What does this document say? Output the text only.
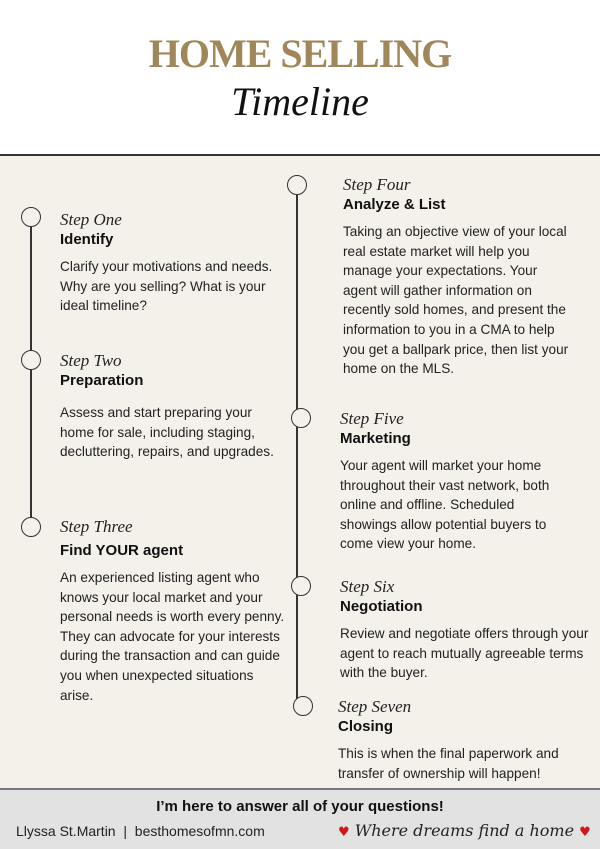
HOME SELLING
Timeline
Step One
Identify
Clarify your motivations and needs. Why are you selling? What is your ideal timeline?
Step Two
Preparation
Assess and start preparing your home for sale, including staging, decluttering, repairs, and upgrades.
Step Three
Find YOUR agent
An experienced listing agent who knows your local market and your personal needs is worth every penny. They can advocate for your interests during the transaction and can guide you when unexpected situations arise.
Step Four
Analyze & List
Taking an objective view of your local real estate market will help you manage your expectations. Your agent will gather information on recently sold homes, and present the information to you in a CMA to help you get a ballpark price, then list your home on the MLS.
Step Five
Marketing
Your agent will market your home throughout their vast network, both online and offline. Scheduled showings allow potential buyers to come view your home.
Step Six
Negotiation
Review and negotiate offers through your agent to reach mutually agreeable terms with the buyer.
Step Seven
Closing
This is when the final paperwork and transfer of ownership will happen!
I’m here to answer all of your questions!
Llyssa St.Martin  |  besthomesofmn.com	♥ Where dreams find a home ♥
